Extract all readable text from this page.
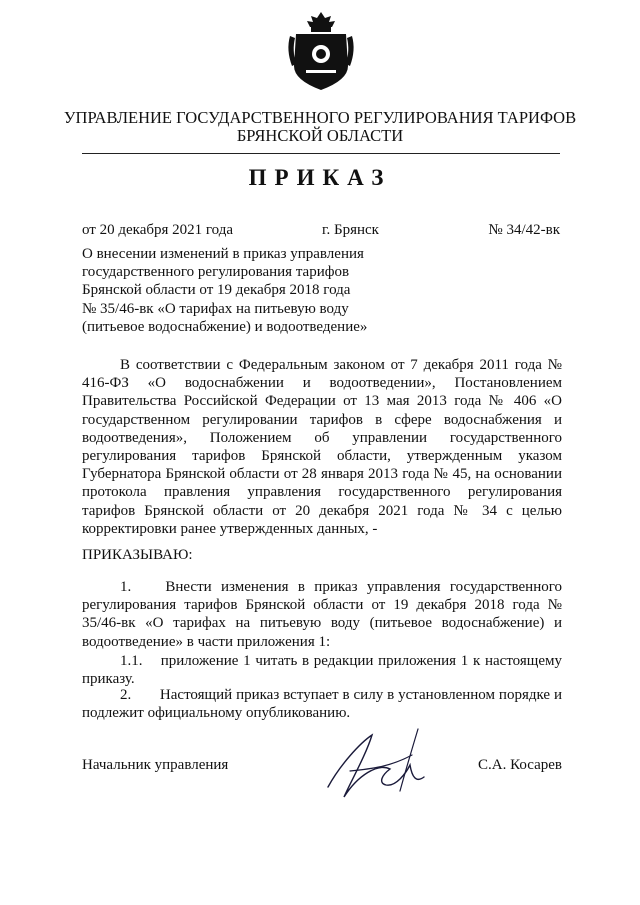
УПРАВЛЕНИЕ ГОСУДАРСТВЕННОГО РЕГУЛИРОВАНИЯ ТАРИФОВ
БРЯНСКОЙ ОБЛАСТИ
ПРИКАЗ
от 20 декабря 2021 года	г. Брянск	№ 34/42-вк
О внесении изменений в приказ управления
государственного регулирования тарифов
Брянской области от 19 декабря 2018 года
№ 35/46-вк «О тарифах на питьевую воду
(питьевое водоснабжение) и водоотведение»
В соответствии с Федеральным законом от 7 декабря 2011 года № 416-ФЗ «О водоснабжении и водоотведении», Постановлением Правительства Российской Федерации от 13 мая 2013 года № 406 «О государственном регулировании тарифов в сфере водоснабжения и водоотведения», Положением об управлении государственного регулирования тарифов Брянской области, утвержденным указом Губернатора Брянской области от 28 января 2013 года № 45, на основании протокола правления управления государственного регулирования тарифов Брянской области от 20 декабря 2021 года № 34 с целью корректировки ранее утвержденных данных, -
ПРИКАЗЫВАЮ:
1. Внести изменения в приказ управления государственного регулирования тарифов Брянской области от 19 декабря 2018 года № 35/46-вк «О тарифах на питьевую воду (питьевое водоснабжение) и водоотведение» в части приложения 1:
1.1. приложение 1 читать в редакции приложения 1 к настоящему приказу.
2. Настоящий приказ вступает в силу в установленном порядке и подлежит официальному опубликованию.
Начальник управления	С.А. Косарев
